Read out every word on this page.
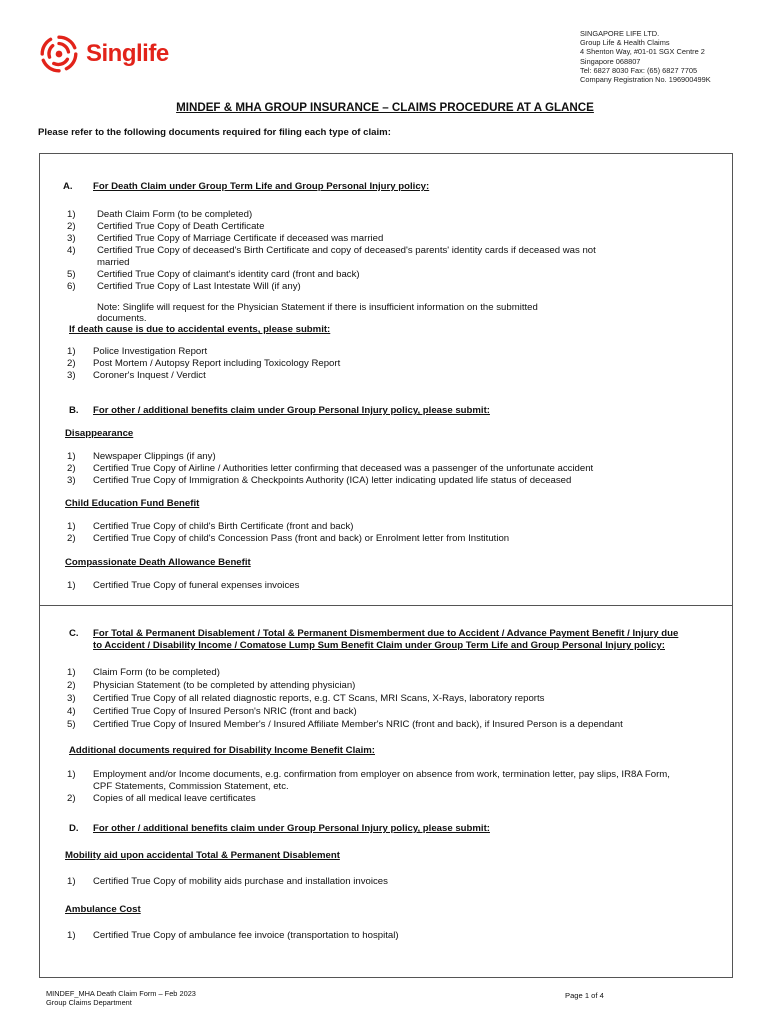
Singlife
SINGAPORE LIFE LTD.
Group Life & Health Claims
4 Shenton Way, #01-01 SGX Centre 2
Singapore 068807
Tel: 6827 8030 Fax: (65) 6827 7705
Company Registration No. 196900499K
MINDEF & MHA GROUP INSURANCE – CLAIMS PROCEDURE AT A GLANCE
Please refer to the following documents required for filing each type of claim:
A. For Death Claim under Group Term Life and Group Personal Injury policy:
1) Death Claim Form (to be completed)
2) Certified True Copy of Death Certificate
3) Certified True Copy of Marriage Certificate if deceased was married
4) Certified True Copy of deceased's Birth Certificate and copy of deceased's parents' identity cards if deceased was not
married
5) Certified True Copy of claimant's identity card (front and back)
6) Certified True Copy of Last Intestate Will (if any)
Note: Singlife will request for the Physician Statement if there is insufficient information on the submitted
documents.
If death cause is due to accidental events, please submit:
1) Police Investigation Report
2) Post Mortem / Autopsy Report including Toxicology Report
3) Coroner's Inquest / Verdict
B. For other / additional benefits claim under Group Personal Injury policy, please submit:
Disappearance
1) Newspaper Clippings (if any)
2) Certified True Copy of Airline / Authorities letter confirming that deceased was a passenger of the unfortunate accident
3) Certified True Copy of Immigration & Checkpoints Authority (ICA) letter indicating updated life status of deceased
Child Education Fund Benefit
1) Certified True Copy of child's Birth Certificate (front and back)
2) Certified True Copy of child's Concession Pass (front and back) or Enrolment letter from Institution
Compassionate Death Allowance Benefit
1) Certified True Copy of funeral expenses invoices
C. For Total & Permanent Disablement / Total & Permanent Dismemberment due to Accident / Advance Payment Benefit / Injury due
to Accident / Disability Income / Comatose Lump Sum Benefit Claim under Group Term Life and Group Personal Injury policy:
1) Claim Form (to be completed)
2) Physician Statement (to be completed by attending physician)
3) Certified True Copy of all related diagnostic reports, e.g. CT Scans, MRI Scans, X-Rays, laboratory reports
4) Certified True Copy of Insured Person's NRIC (front and back)
5) Certified True Copy of Insured Member's / Insured Affiliate Member's NRIC (front and back), if Insured Person is a dependant
Additional documents required for Disability Income Benefit Claim:
1) Employment and/or Income documents, e.g. confirmation from employer on absence from work, termination letter, pay slips, IR8A Form,
CPF Statements, Commission Statement, etc.
2) Copies of all medical leave certificates
D. For other / additional benefits claim under Group Personal Injury policy, please submit:
Mobility aid upon accidental Total & Permanent Disablement
1) Certified True Copy of mobility aids purchase and installation invoices
Ambulance Cost
1) Certified True Copy of ambulance fee invoice (transportation to hospital)
MINDEF_MHA Death Claim Form – Feb 2023
Group Claims Department
Page 1 of 4
